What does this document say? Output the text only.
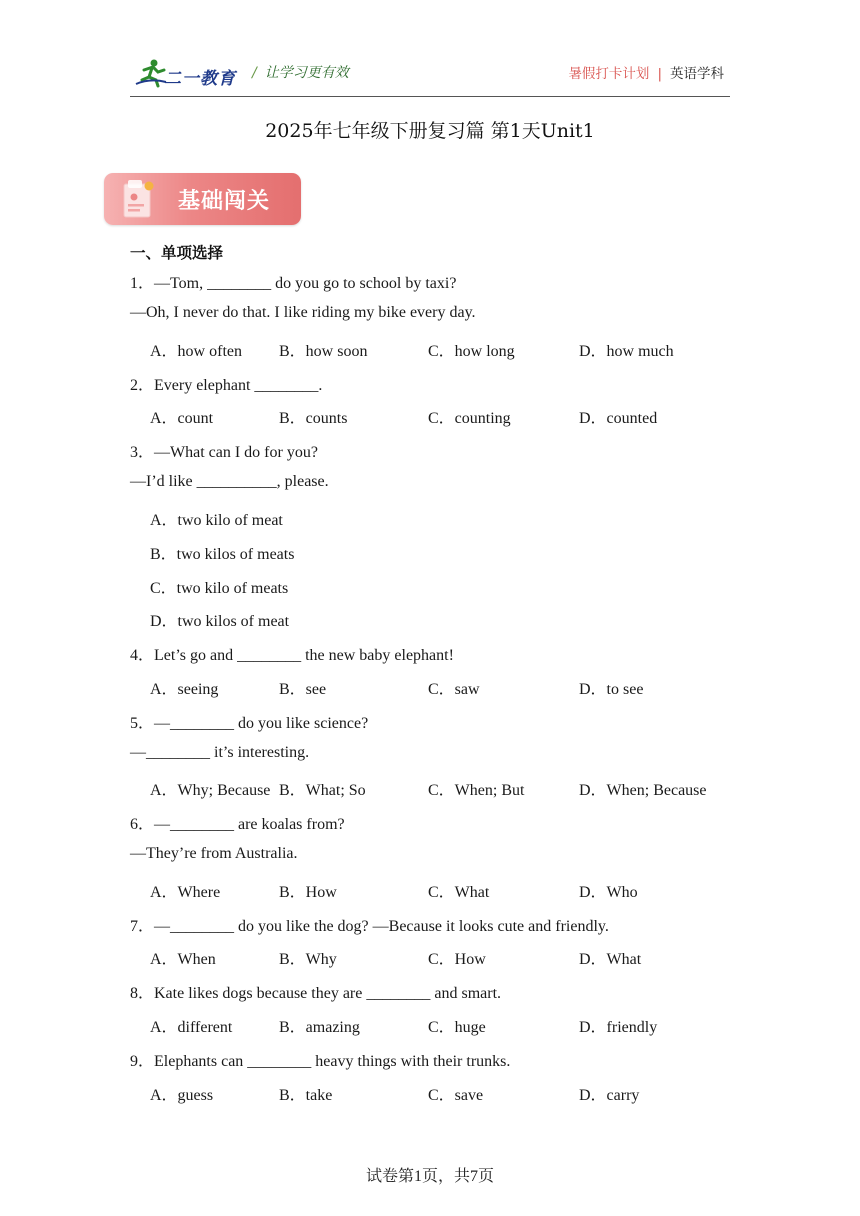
二一教育 / 让学习更有效	暑假打卡计划 | 英语学科
2025年七年级下册复习篇 第1天Unit1
基础闯关
一、单项选择
1．—Tom, ________ do you go to school by taxi?
—Oh, I never do that. I like riding my bike every day.
A．how often B．how soon	C．how long	D．how much
2．Every elephant ________.
A．count	B．counts	C．counting	D．counted
3．—What can I do for you?
—I’d like __________, please.
A．two kilo of meat
B．two kilos of meats
C．two kilo of meats
D．two kilos of meat
4．Let’s go and ________ the new baby elephant!
A．seeing	B．see	C．saw	D．to see
5．—________ do you like science?
—________ it’s interesting.
A．Why; Because B．What; So	C．When; But	D．When; Because
6．—________ are koalas from?
—They’re from Australia.
A．Where	B．How	C．What	D．Who
7．—________ do you like the dog? —Because it looks cute and friendly.
A．When	B．Why	C．How	D．What
8．Kate likes dogs because they are ________ and smart.
A．different	B．amazing	C．huge	D．friendly
9．Elephants can ________ heavy things with their trunks.
A．guess	B．take	C．save	D．carry
试卷第1页，共7页
